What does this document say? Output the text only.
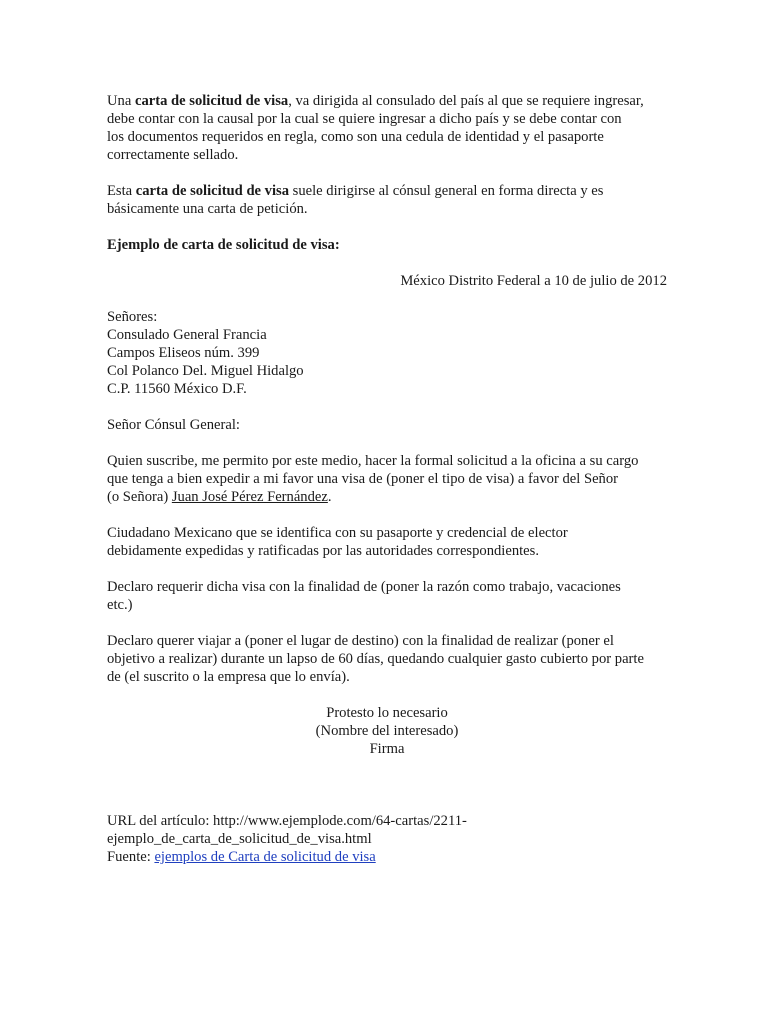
Una carta de solicitud de visa, va dirigida al consulado del país al que se requiere ingresar,
debe contar con la causal por la cual se quiere ingresar a dicho país y se debe contar con
los documentos requeridos en regla, como son una cedula de identidad y el pasaporte
correctamente sellado.

Esta carta de solicitud de visa suele dirigirse al cónsul general en forma directa y es
básicamente una carta de petición.

Ejemplo de carta de solicitud de visa:

México Distrito Federal a 10 de julio de 2012

Señores:
Consulado General Francia
Campos Eliseos núm. 399
Col Polanco Del. Miguel Hidalgo
C.P. 11560 México D.F.

Señor Cónsul General:

Quien suscribe, me permito por este medio, hacer la formal solicitud a la oficina a su cargo
que tenga a bien expedir a mi favor una visa de (poner el tipo de visa) a favor del Señor
(o Señora) Juan José Pérez Fernández.

Ciudadano Mexicano que se identifica con su pasaporte y credencial de elector
debidamente expedidas y ratificadas por las autoridades correspondientes.

Declaro requerir dicha visa con la finalidad de (poner la razón como trabajo, vacaciones
etc.)

Declaro querer viajar a (poner el lugar de destino) con la finalidad de realizar (poner el
objetivo a realizar) durante un lapso de 60 días, quedando cualquier gasto cubierto por parte
de (el suscrito o la empresa que lo envía).

Protesto lo necesario
(Nombre del interesado)
Firma

URL del artículo: http://www.ejemplode.com/64-cartas/2211-
ejemplo_de_carta_de_solicitud_de_visa.html
Fuente: ejemplos de Carta de solicitud de visa
